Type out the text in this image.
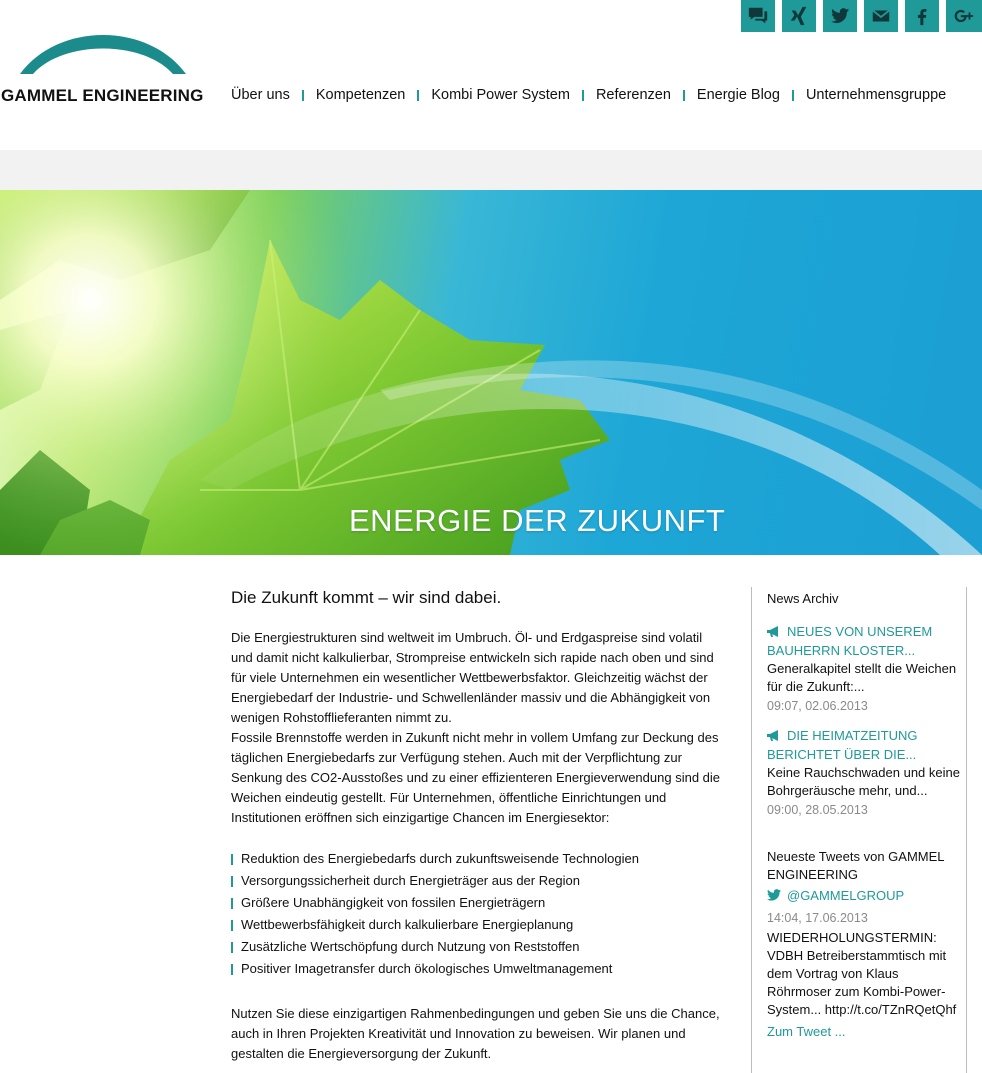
GAMMEL ENGINEERING Über uns Kompetenzen Kombi Power System Referenzen Energie Blog Unternehmensgruppe
ENERGIE DER ZUKUNFT
Die Zukunft kommt – wir sind dabei.

Die Energiestrukturen sind weltweit im Umbruch. Öl- und Erdgaspreise sind volatil und damit nicht kalkulierbar, Strompreise entwickeln sich rapide nach oben und sind für viele Unternehmen ein wesentlicher Wettbewerbsfaktor. Gleichzeitig wächst der Energiebedarf der Industrie- und Schwellenländer massiv und die Abhängigkeit von wenigen Rohstofflieferanten nimmt zu.

Fossile Brennstoffe werden in Zukunft nicht mehr in vollem Umfang zur Deckung des täglichen Energiebedarfs zur Verfügung stehen. Auch mit der Verpflichtung zur Senkung des CO2-Ausstoßes und zu einer effizienteren Energieverwendung sind die Weichen eindeutig gestellt. Für Unternehmen, öffentliche Einrichtungen und Institutionen eröffnen sich einzigartige Chancen im Energiesektor:

Reduktion des Energiebedarfs durch zukunftsweisende Technologien
Versorgungssicherheit durch Energieträger aus der Region
Größere Unabhängigkeit von fossilen Energieträgern
Wettbewerbsfähigkeit durch kalkulierbare Energieplanung
Zusätzliche Wertschöpfung durch Nutzung von Reststoffen
Positiver Imagetransfer durch ökologisches Umweltmanagement

Nutzen Sie diese einzigartigen Rahmenbedingungen und geben Sie uns die Chance, auch in Ihren Projekten Kreativität und Innovation zu beweisen. Wir planen und gestalten die Energieversorgung der Zukunft.

News Archiv
NEUES VON UNSEREM BAUHERRN KLOSTER...
Generalkapitel stellt die Weichen für die Zukunft:...
09:07, 02.06.2013
DIE HEIMATZEITUNG BERICHTET ÜBER DIE...
Keine Rauchschwaden und keine Bohrgeräusche mehr, und...
09:00, 28.05.2013
Neueste Tweets von GAMMEL ENGINEERING
@GAMMELGROUP
14:04, 17.06.2013
WIEDERHOLUNGSTERMIN: VDBH Betreiberstammtisch mit dem Vortrag von Klaus Röhrmoser zum Kombi-Power-System... http://t.co/TZnRQetQhf
Zum Tweet ...
